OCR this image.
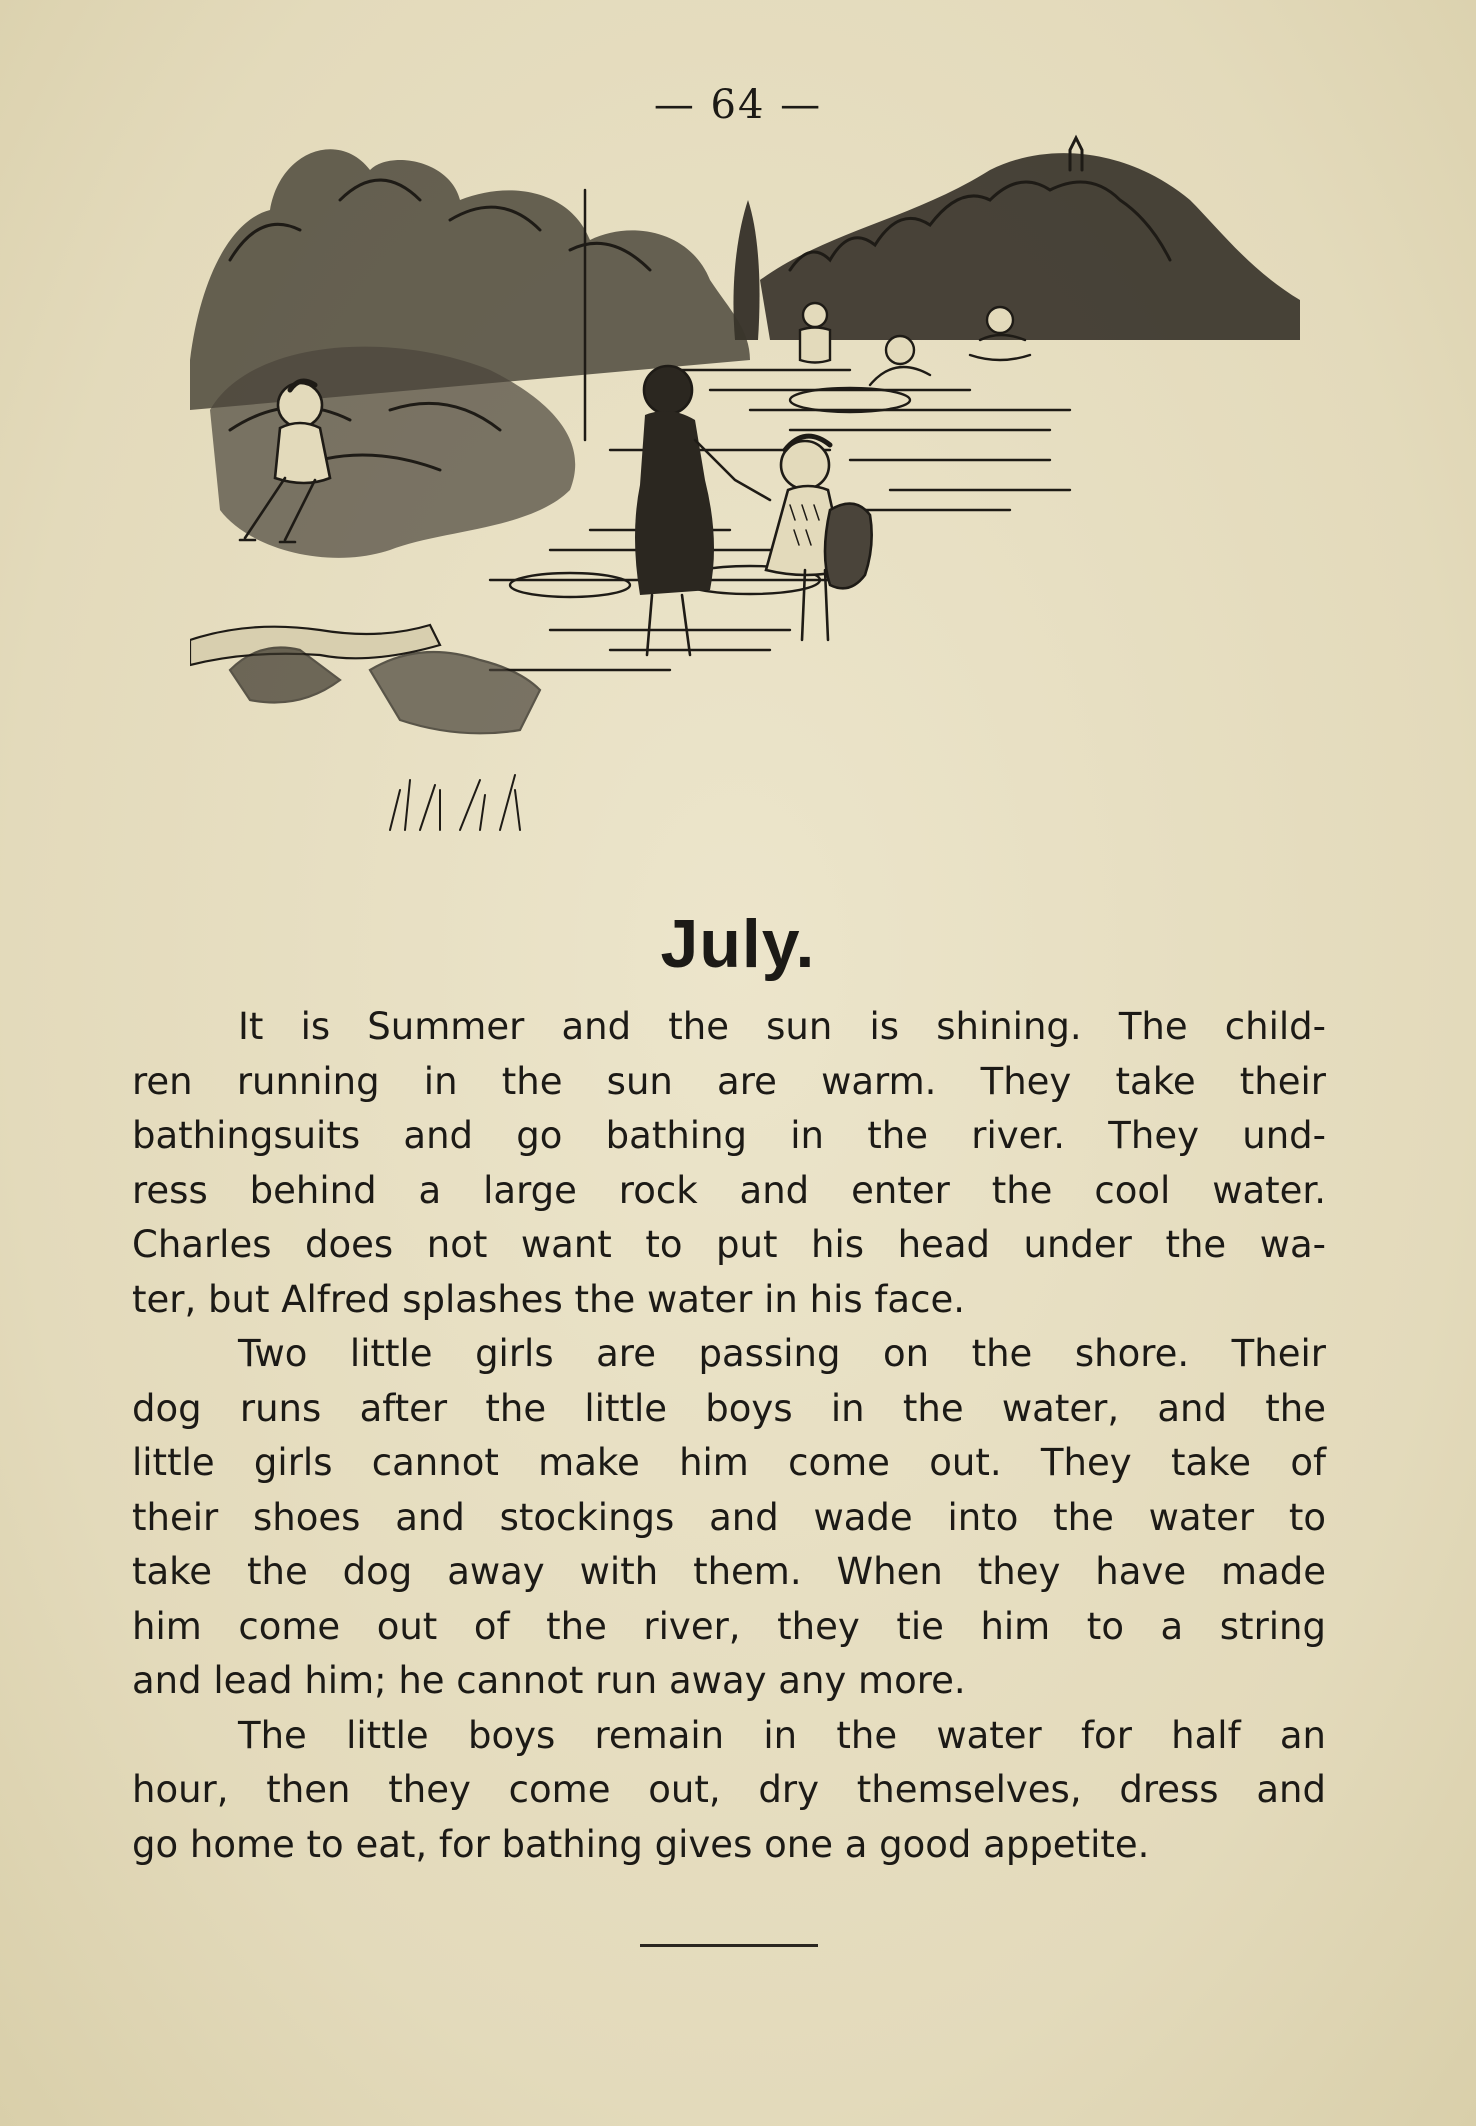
— 64 —
July.
It is Summer and the sun is shining. The child-
ren running in the sun are warm. They take their
bathingsuits and go bathing in the river. They und-
ress behind a large rock and enter the cool water.
Charles does not want to put his head under the wa-
ter, but Alfred splashes the water in his face.
Two little girls are passing on the shore. Their
dog runs after the little boys in the water, and the
little girls cannot make him come out. They take of
their shoes and stockings and wade into the water to
take the dog away with them. When they have made
him come out of the river, they tie him to a string
and lead him; he cannot run away any more.
The little boys remain in the water for half an
hour, then they come out, dry themselves, dress and
go home to eat, for bathing gives one a good appetite.
